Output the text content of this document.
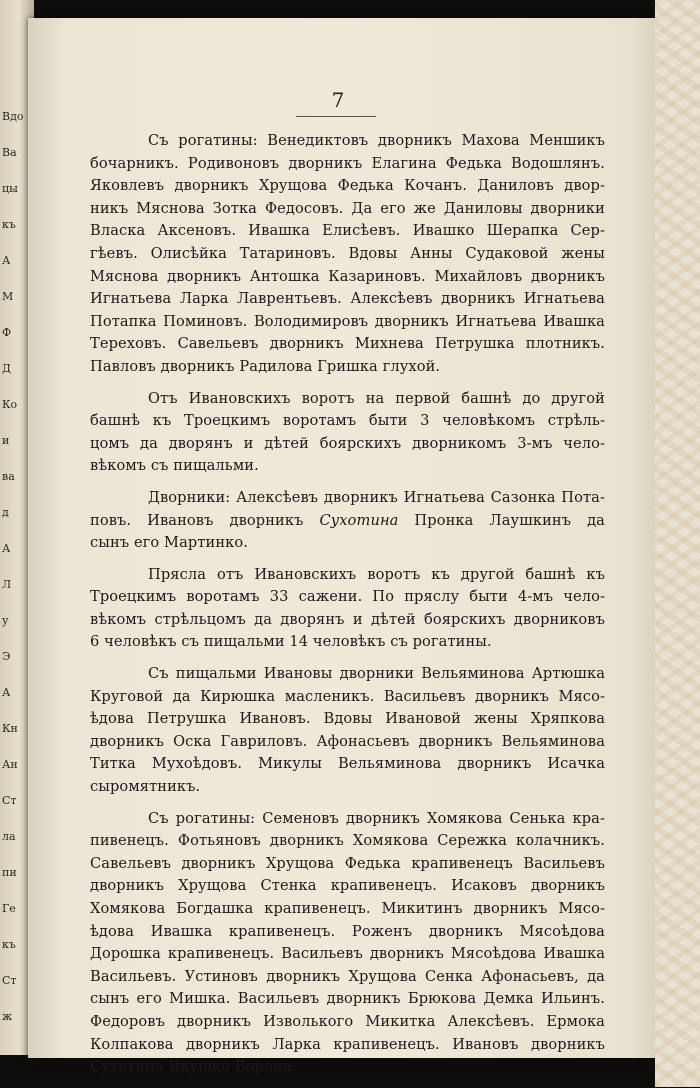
Вдо
Ва
цы
къ
А
М
Ф
Д
Ко
и
ва
д
А
Л
у
Э
А
Кн
Ан
Ст
ла
пи
Ге
къ
Ст
ж
7

Съ рогатины: Венедиктовъ дворникъ Махова Меншикъ
бочарникъ. Родивоновъ дворникъ Елагина Федька Водошлянъ.
Яковлевъ дворникъ Хрущова Федька Кочанъ. Даниловъ двор-
никъ Мяснова Зотка Федосовъ. Да его же Даниловы дворники
Власка Аксеновъ. Ивашка Елисѣевъ. Ивашко Шерапка Сер-
гѣевъ. Олисѣйка Татариновъ. Вдовы Анны Судаковой жены
Мяснова дворникъ Антошка Казариновъ. Михайловъ дворникъ
Игнатьева Ларка Лаврентьевъ. Алексѣевъ дворникъ Игнатьева
Потапка Поминовъ. Володимировъ дворникъ Игнатьева Ивашка
Тереховъ. Савельевъ дворникъ Михнева Петрушка плотникъ.
Павловъ дворникъ Радилова Гришка глухой.

Отъ Ивановскихъ воротъ на первой башнѣ до другой
башнѣ къ Троецкимъ воротамъ быти 3 человѣкомъ стрѣль-
цомъ да дворянъ и дѣтей боярскихъ дворникомъ 3-мъ чело-
вѣкомъ съ пищальми.

Дворники: Алексѣевъ дворникъ Игнатьева Сазонка Пота-
повъ. Ивановъ дворникъ Сухотина Пронка Лаушкинъ да
сынъ его Мартинко.

Прясла отъ Ивановскихъ воротъ къ другой башнѣ къ
Троецкимъ воротамъ 33 сажени. По пряслу быти 4-мъ чело-
вѣкомъ стрѣльцомъ да дворянъ и дѣтей боярскихъ дворниковъ
6 человѣкъ съ пищальми 14 человѣкъ съ рогатины.

Съ пищальми Ивановы дворники Вельяминова Артюшка
Круговой да Кирюшка масленикъ. Васильевъ дворникъ Мясо-
ѣдова Петрушка Ивановъ. Вдовы Ивановой жены Хряпкова
дворникъ Оска Гавриловъ. Афонасьевъ дворникъ Вельяминова
Титка Мухоѣдовъ. Микулы Вельяминова дворникъ Исачка
сыромятникъ.

Съ рогатины: Семеновъ дворникъ Хомякова Сенька кра-
пивенецъ. Фотьяновъ дворникъ Хомякова Сережка колачникъ.
Савельевъ дворникъ Хрущова Федька крапивенецъ Васильевъ
дворникъ Хрущова Стенка крапивенецъ. Исаковъ дворникъ
Хомякова Богдашка крапивенецъ. Микитинъ дворникъ Мясо-
ѣдова Ивашка крапивенецъ. Роженъ дворникъ Мясоѣдова
Дорошка крапивенецъ. Васильевъ дворникъ Мясоѣдова Ивашка
Васильевъ. Устиновъ дворникъ Хрущова Сенка Афонасьевъ, да
сынъ его Мишка. Васильевъ дворникъ Брюкова Демка Ильинъ.
Федоровъ дворникъ Изволького Микитка Алексѣевъ. Ермока
Колпакова дворникъ Ларка крапивенецъ. Ивановъ дворникъ
Сухотина Якушко Ворона.
